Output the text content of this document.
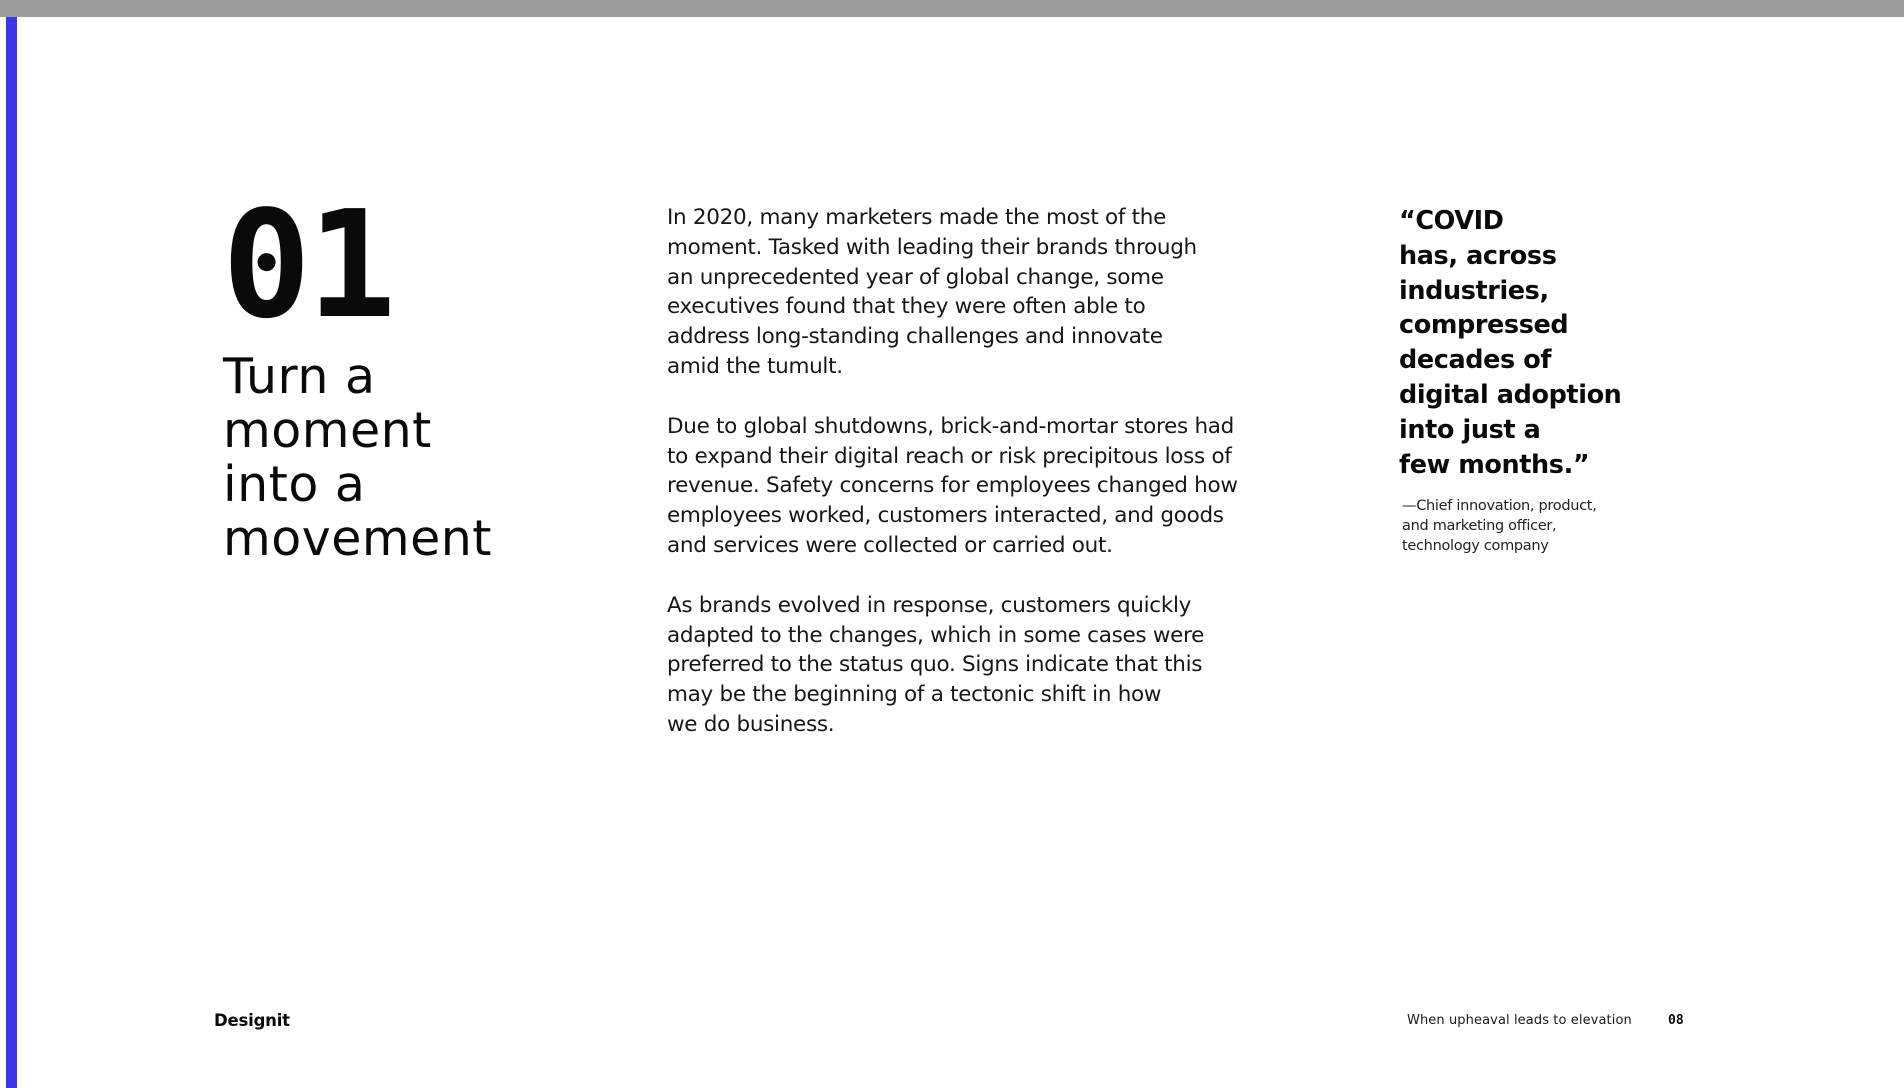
01
Turn a
moment
into a
movement

In 2020, many marketers made the most of the
moment. Tasked with leading their brands through
an unprecedented year of global change, some
executives found that they were often able to
address long-standing challenges and innovate
amid the tumult.

Due to global shutdowns, brick-and-mortar stores had
to expand their digital reach or risk precipitous loss of
revenue. Safety concerns for employees changed how
employees worked, customers interacted, and goods
and services were collected or carried out.

As brands evolved in response, customers quickly
adapted to the changes, which in some cases were
preferred to the status quo. Signs indicate that this
may be the beginning of a tectonic shift in how
we do business.

“COVID
has, across
industries,
compressed
decades of
digital adoption
into just a
few months.”

—Chief innovation, product,
and marketing officer,
technology company

Designit	When upheaval leads to elevation	08
